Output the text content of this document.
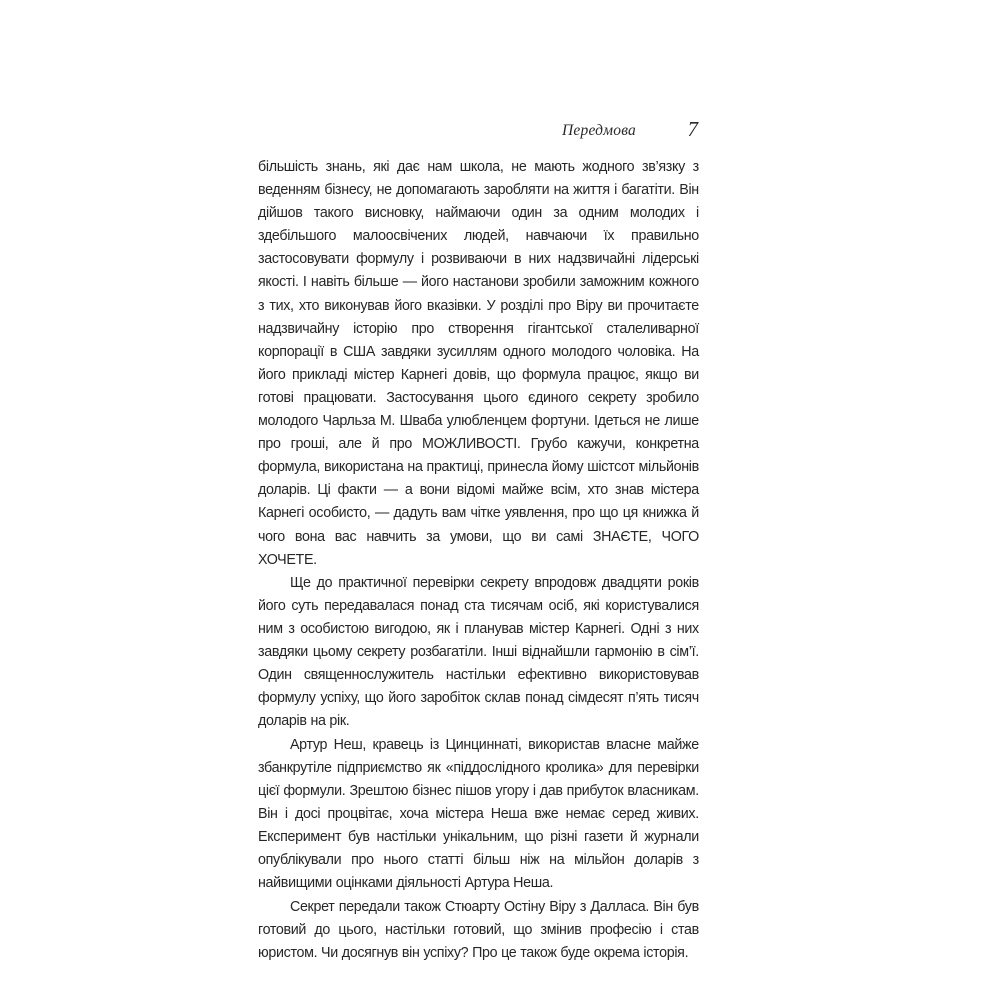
Передмова 7

більшість знань, які дає нам школа, не мають жодного зв’язку з веденням бізнесу, не допомагають заробляти на життя і багатіти. Він дійшов такого висновку, наймаючи один за одним молодих і здебільшого малоосвічених людей, навчаючи їх правильно застосовувати формулу і розвиваючи в них надзвичайні лідерські якості. І навіть більше — його настанови зробили заможним кожного з тих, хто виконував його вказівки. У розділі про Віру ви прочитаєте надзвичайну історію про створення гігантської сталеливарної корпорації в США завдяки зусиллям одного молодого чоловіка. На його прикладі містер Карнегі довів, що формула працює, якщо ви готові працювати. Застосування цього єдиного секрету зробило молодого Чарльза М. Шваба улюбленцем фортуни. Ідеться не лише про гроші, але й про МОЖЛИВОСТІ. Грубо кажучи, конкретна формула, використана на практиці, принесла йому шістсот мільйонів доларів. Ці факти — а вони відомі майже всім, хто знав містера Карнегі особисто, — дадуть вам чітке уявлення, про що ця книжка й чого вона вас навчить за умови, що ви самі ЗНАЄТЕ, ЧОГО ХОЧЕТЕ.

Ще до практичної перевірки секрету впродовж двадцяти років його суть передавалася понад ста тисячам осіб, які користувалися ним з особистою вигодою, як і планував містер Карнегі. Одні з них завдяки цьому секрету розбагатіли. Інші віднайшли гармонію в сім’ї. Один священнослужитель настільки ефективно використовував формулу успіху, що його заробіток склав понад сімдесят п’ять тисяч доларів на рік.

Артур Неш, кравець із Цинциннаті, використав власне майже збанкрутіле підприємство як «піддослідного кролика» для перевірки цієї формули. Зрештою бізнес пішов угору і дав прибуток власникам. Він і досі процвітає, хоча містера Неша вже немає серед живих. Експеримент був настільки унікальним, що різні газети й журнали опублікували про нього статті більш ніж на мільйон доларів з найвищими оцінками діяльності Артура Неша.

Секрет передали також Стюарту Остіну Віру з Далласа. Він був готовий до цього, настільки готовий, що змінив професію і став юристом. Чи досягнув він успіху? Про це також буде окрема історія.
